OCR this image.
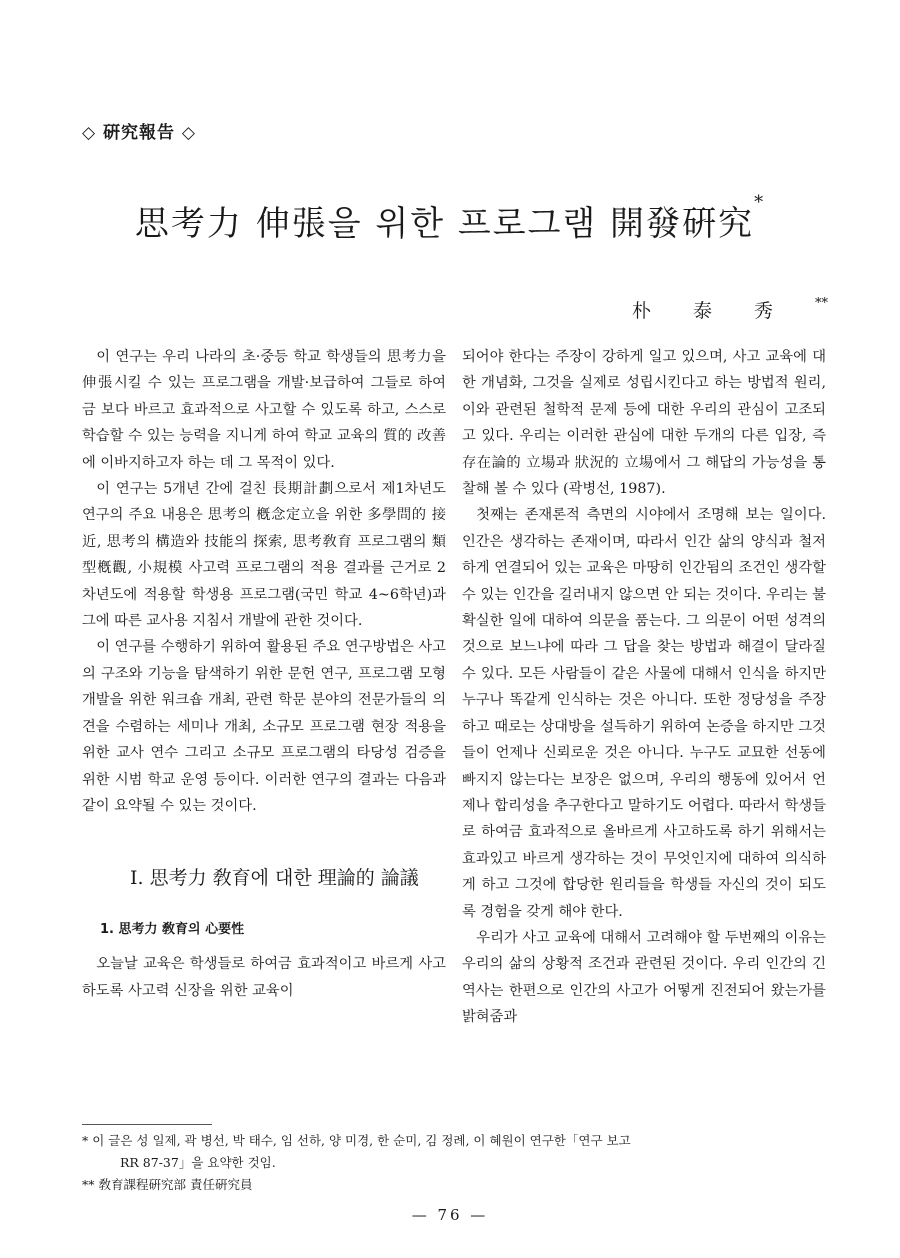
◇ 硏究報告 ◇
思考力 伸張을 위한 프로그램 開發硏究*
朴泰秀**

이 연구는 우리 나라의 초·중등 학교 학생들의 思考力을 伸張시킬 수 있는 프로그램을 개발·보급하여 그들로 하여금 보다 바르고 효과적으로 사고할 수 있도록 하고, 스스로 학습할 수 있는 능력을 지니게 하여 학교 교육의 質的 改善에 이바지하고자 하는 데 그 목적이 있다.

이 연구는 5개년 간에 걸친 長期計劃으로서 제1차년도 연구의 주요 내용은 思考의 槪念定立을 위한 多學問的 接近, 思考의 構造와 技能의 探索, 思考敎育 프로그램의 類型槪觀, 小規模 사고력 프로그램의 적용 결과를 근거로 2차년도에 적용할 학생용 프로그램(국민 학교 4~6학년)과 그에 따른 교사용 지침서 개발에 관한 것이다.

이 연구를 수행하기 위하여 활용된 주요 연구방법은 사고의 구조와 기능을 탐색하기 위한 문헌 연구, 프로그램 모형 개발을 위한 워크숍 개최, 관련 학문 분야의 전문가들의 의견을 수렴하는 세미나 개최, 소규모 프로그램 현장 적용을 위한 교사 연수 그리고 소규모 프로그램의 타당성 검증을 위한 시범 학교 운영 등이다. 이러한 연구의 결과는 다음과 같이 요약될 수 있는 것이다.

Ⅰ. 思考力 敎育에 대한 理論的 論議
1. 思考力 敎育의 心要性

오늘날 교육은 학생들로 하여금 효과적이고 바르게 사고하도록 사고력 신장을 위한 교육이

되어야 한다는 주장이 강하게 일고 있으며, 사고 교육에 대한 개념화, 그것을 실제로 성립시킨다고 하는 방법적 원리, 이와 관련된 철학적 문제 등에 대한 우리의 관심이 고조되고 있다. 우리는 이러한 관심에 대한 두개의 다른 입장, 즉 存在論的 立場과 狀況的 立場에서 그 해답의 가능성을 통찰해 볼 수 있다 (곽병선, 1987).

첫째는 존재론적 측면의 시야에서 조명해 보는 일이다. 인간은 생각하는 존재이며, 따라서 인간 삶의 양식과 철저하게 연결되어 있는 교육은 마땅히 인간됨의 조건인 생각할 수 있는 인간을 길러내지 않으면 안 되는 것이다. 우리는 불확실한 일에 대하여 의문을 품는다. 그 의문이 어떤 성격의 것으로 보느냐에 따라 그 답을 찾는 방법과 해결이 달라질 수 있다. 모든 사람들이 같은 사물에 대해서 인식을 하지만 누구나 똑같게 인식하는 것은 아니다. 또한 정당성을 주장하고 때로는 상대방을 설득하기 위하여 논증을 하지만 그것들이 언제나 신뢰로운 것은 아니다. 누구도 교묘한 선동에 빠지지 않는다는 보장은 없으며, 우리의 행동에 있어서 언제나 합리성을 추구한다고 말하기도 어렵다. 따라서 학생들로 하여금 효과적으로 올바르게 사고하도록 하기 위해서는 효과있고 바르게 생각하는 것이 무엇인지에 대하여 의식하게 하고 그것에 합당한 원리들을 학생들 자신의 것이 되도록 경험을 갖게 해야 한다.

우리가 사고 교육에 대해서 고려해야 할 두번째의 이유는 우리의 삶의 상황적 조건과 관련된 것이다. 우리 인간의 긴 역사는 한편으로 인간의 사고가 어떻게 진전되어 왔는가를 밝혀줌과

* 이 글은 성 일제, 곽 병선, 박 태수, 임 선하, 양 미경, 한 순미, 김 정례, 이 혜원이 연구한「연구 보고
RR 87-37」을 요약한 것임.
** 敎育課程硏究部 責任硏究員
— 76 —
